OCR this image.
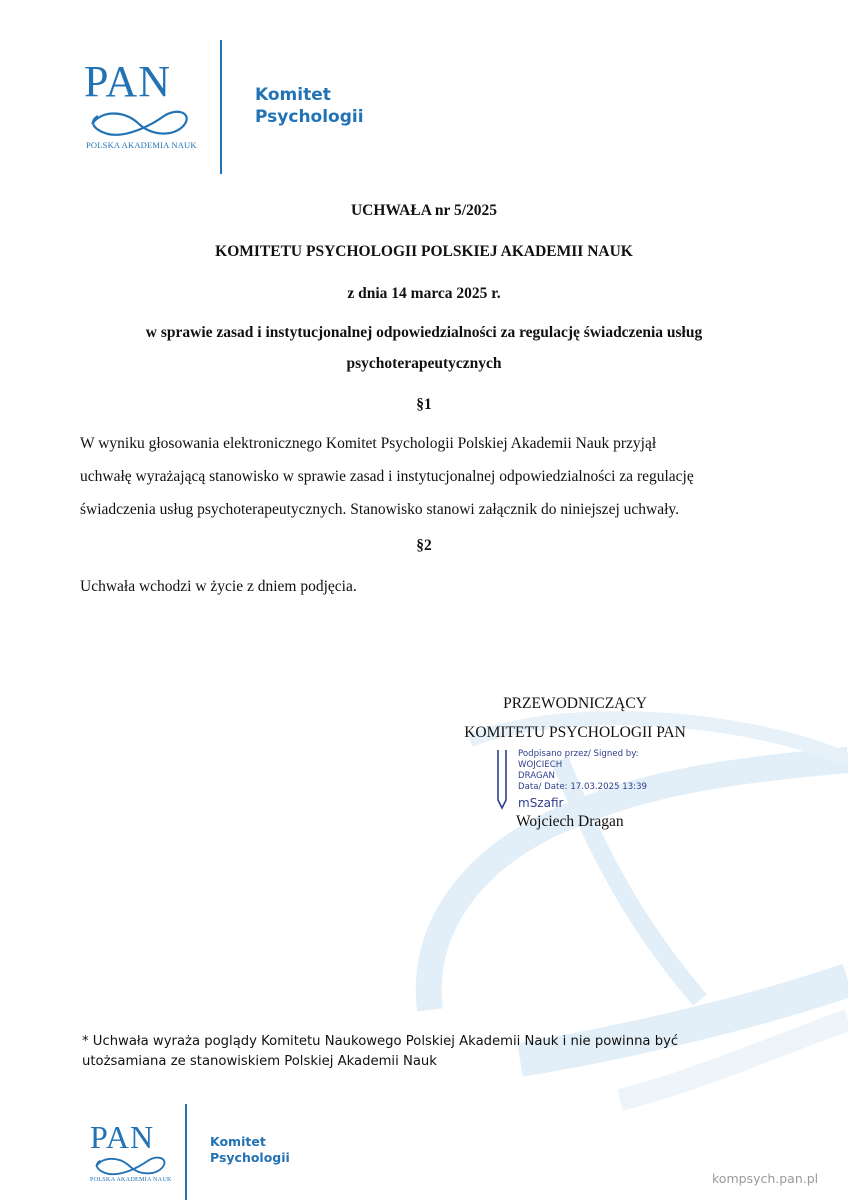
PAN
POLSKA AKADEMIA NAUK
Komitet
Psychologii
UCHWAŁA nr 5/2025
KOMITETU PSYCHOLOGII POLSKIEJ AKADEMII NAUK
z dnia 14 marca 2025 r.
w sprawie zasad i instytucjonalnej odpowiedzialności za regulację świadczenia usług
psychoterapeutycznych
§1
W wyniku głosowania elektronicznego Komitet Psychologii Polskiej Akademii Nauk przyjął
uchwałę wyrażającą stanowisko w sprawie zasad i instytucjonalnej odpowiedzialności za regulację
świadczenia usług psychoterapeutycznych. Stanowisko stanowi załącznik do niniejszej uchwały.
§2
Uchwała wchodzi w życie z dniem podjęcia.
PRZEWODNICZĄCY
KOMITETU PSYCHOLOGII PAN
Podpisano przez/ Signed by:
WOJCIECH
DRAGAN
Data/ Date: 17.03.2025 13:39
mSzafir
Wojciech Dragan
* Uchwała wyraża poglądy Komitetu Naukowego Polskiej Akademii Nauk i nie powinna być
utożsamiana ze stanowiskiem Polskiej Akademii Nauk
PAN
POLSKA AKADEMIA NAUK
Komitet
Psychologii
kompsych.pan.pl
